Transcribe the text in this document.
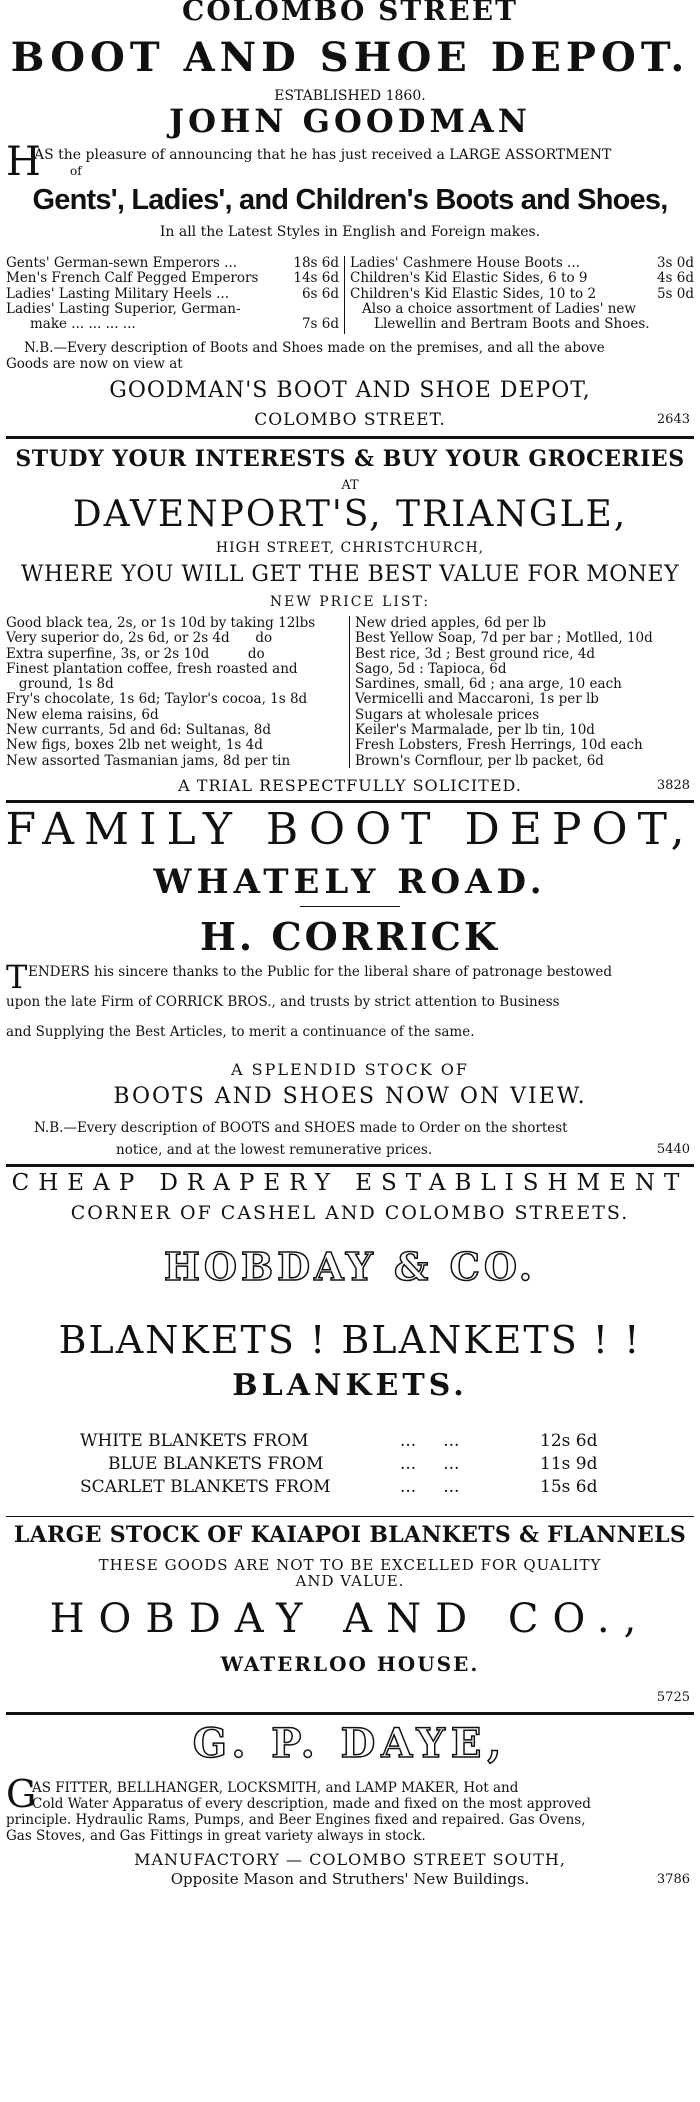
COLOMBO STREET
BOOT AND SHOE DEPOT.
ESTABLISHED 1860.
JOHN GOODMAN
H
AS the pleasure of announcing that he has just received a LARGE ASSORTMENT
of
Gents', Ladies', and Children's Boots and Shoes,
In all the Latest Styles in English and Foreign makes.
Gents' German-sewn Emperors ...	18s 6d
Men's French Calf Pegged Emperors	14s 6d
Ladies' Lasting Military Heels ...	6s 6d
Ladies' Lasting Superior, German-
make ... ... ... ...	7s 6d
Ladies' Cashmere House Boots ...	3s 0d
Children's Kid Elastic Sides, 6 to 9	4s 6d
Children's Kid Elastic Sides, 10 to 2	5s 0d
Also a choice assortment of Ladies' new
Llewellin and Bertram Boots and Shoes.
N.B.—Every description of Boots and Shoes made on the premises, and all the above
Goods are now on view at
GOODMAN'S BOOT AND SHOE DEPOT,
COLOMBO STREET.	2643
STUDY YOUR INTERESTS & BUY YOUR GROCERIES
AT
DAVENPORT'S, TRIANGLE,
HIGH STREET, CHRISTCHURCH,
WHERE YOU WILL GET THE BEST VALUE FOR MONEY
NEW PRICE LIST:
Good black tea, 2s, or 1s 10d by taking 12lbs
Very superior do, 2s 6d, or 2s 4d      do
Extra superfine, 3s, or 2s 10d         do
Finest plantation coffee, fresh roasted and
ground, 1s 8d
Fry's chocolate, 1s 6d; Taylor's cocoa, 1s 8d
New elema raisins, 6d
New currants, 5d and 6d: Sultanas, 8d
New figs, boxes 2lb net weight, 1s 4d
New assorted Tasmanian jams, 8d per tin
New dried apples, 6d per lb
Best Yellow Soap, 7d per bar ; Motlled, 10d
Best rice, 3d ; Best ground rice, 4d
Sago, 5d : Tapioca, 6d
Sardines, small, 6d ; ana arge, 10 each
Vermicelli and Maccaroni, 1s per lb
Sugars at wholesale prices
Keiler's Marmalade, per lb tin, 10d
Fresh Lobsters, Fresh Herrings, 10d each
Brown's Cornflour, per lb packet, 6d
A TRIAL RESPECTFULLY SOLICITED.	3828
FAMILY BOOT DEPOT,
WHATELY ROAD.
H. CORRICK
T ENDERS his sincere thanks to the Public for the liberal share of patronage bestowed
upon the late Firm of CORRICK BROS., and trusts by strict attention to Business
and Supplying the Best Articles, to merit a continuance of the same.
A SPLENDID STOCK OF
BOOTS AND SHOES NOW ON VIEW.
N.B.—Every description of BOOTS and SHOES made to Order on the shortest
notice, and at the lowest remunerative prices.	5440
CHEAP DRAPERY ESTABLISHMENT
CORNER OF CASHEL AND COLOMBO STREETS.
HOBDAY & CO.
BLANKETS ! BLANKETS ! !
BLANKETS.
WHITE BLANKETS FROM	...     ...	12s 6d
BLUE BLANKETS FROM	...     ...	11s 9d
SCARLET BLANKETS FROM	...     ...	15s 6d
LARGE STOCK OF KAIAPOI BLANKETS & FLANNELS
THESE GOODS ARE NOT TO BE EXCELLED FOR QUALITY
AND VALUE.
HOBDAY AND CO.,
WATERLOO HOUSE.
5725
G. P. DAYE,
G
AS FITTER, BELLHANGER, LOCKSMITH, and LAMP MAKER, Hot and
Cold Water Apparatus of every description, made and fixed on the most approved
principle. Hydraulic Rams, Pumps, and Beer Engines fixed and repaired. Gas Ovens,
Gas Stoves, and Gas Fittings in great variety always in stock.
MANUFACTORY — COLOMBO STREET SOUTH,
Opposite Mason and Struthers' New Buildings.	3786
